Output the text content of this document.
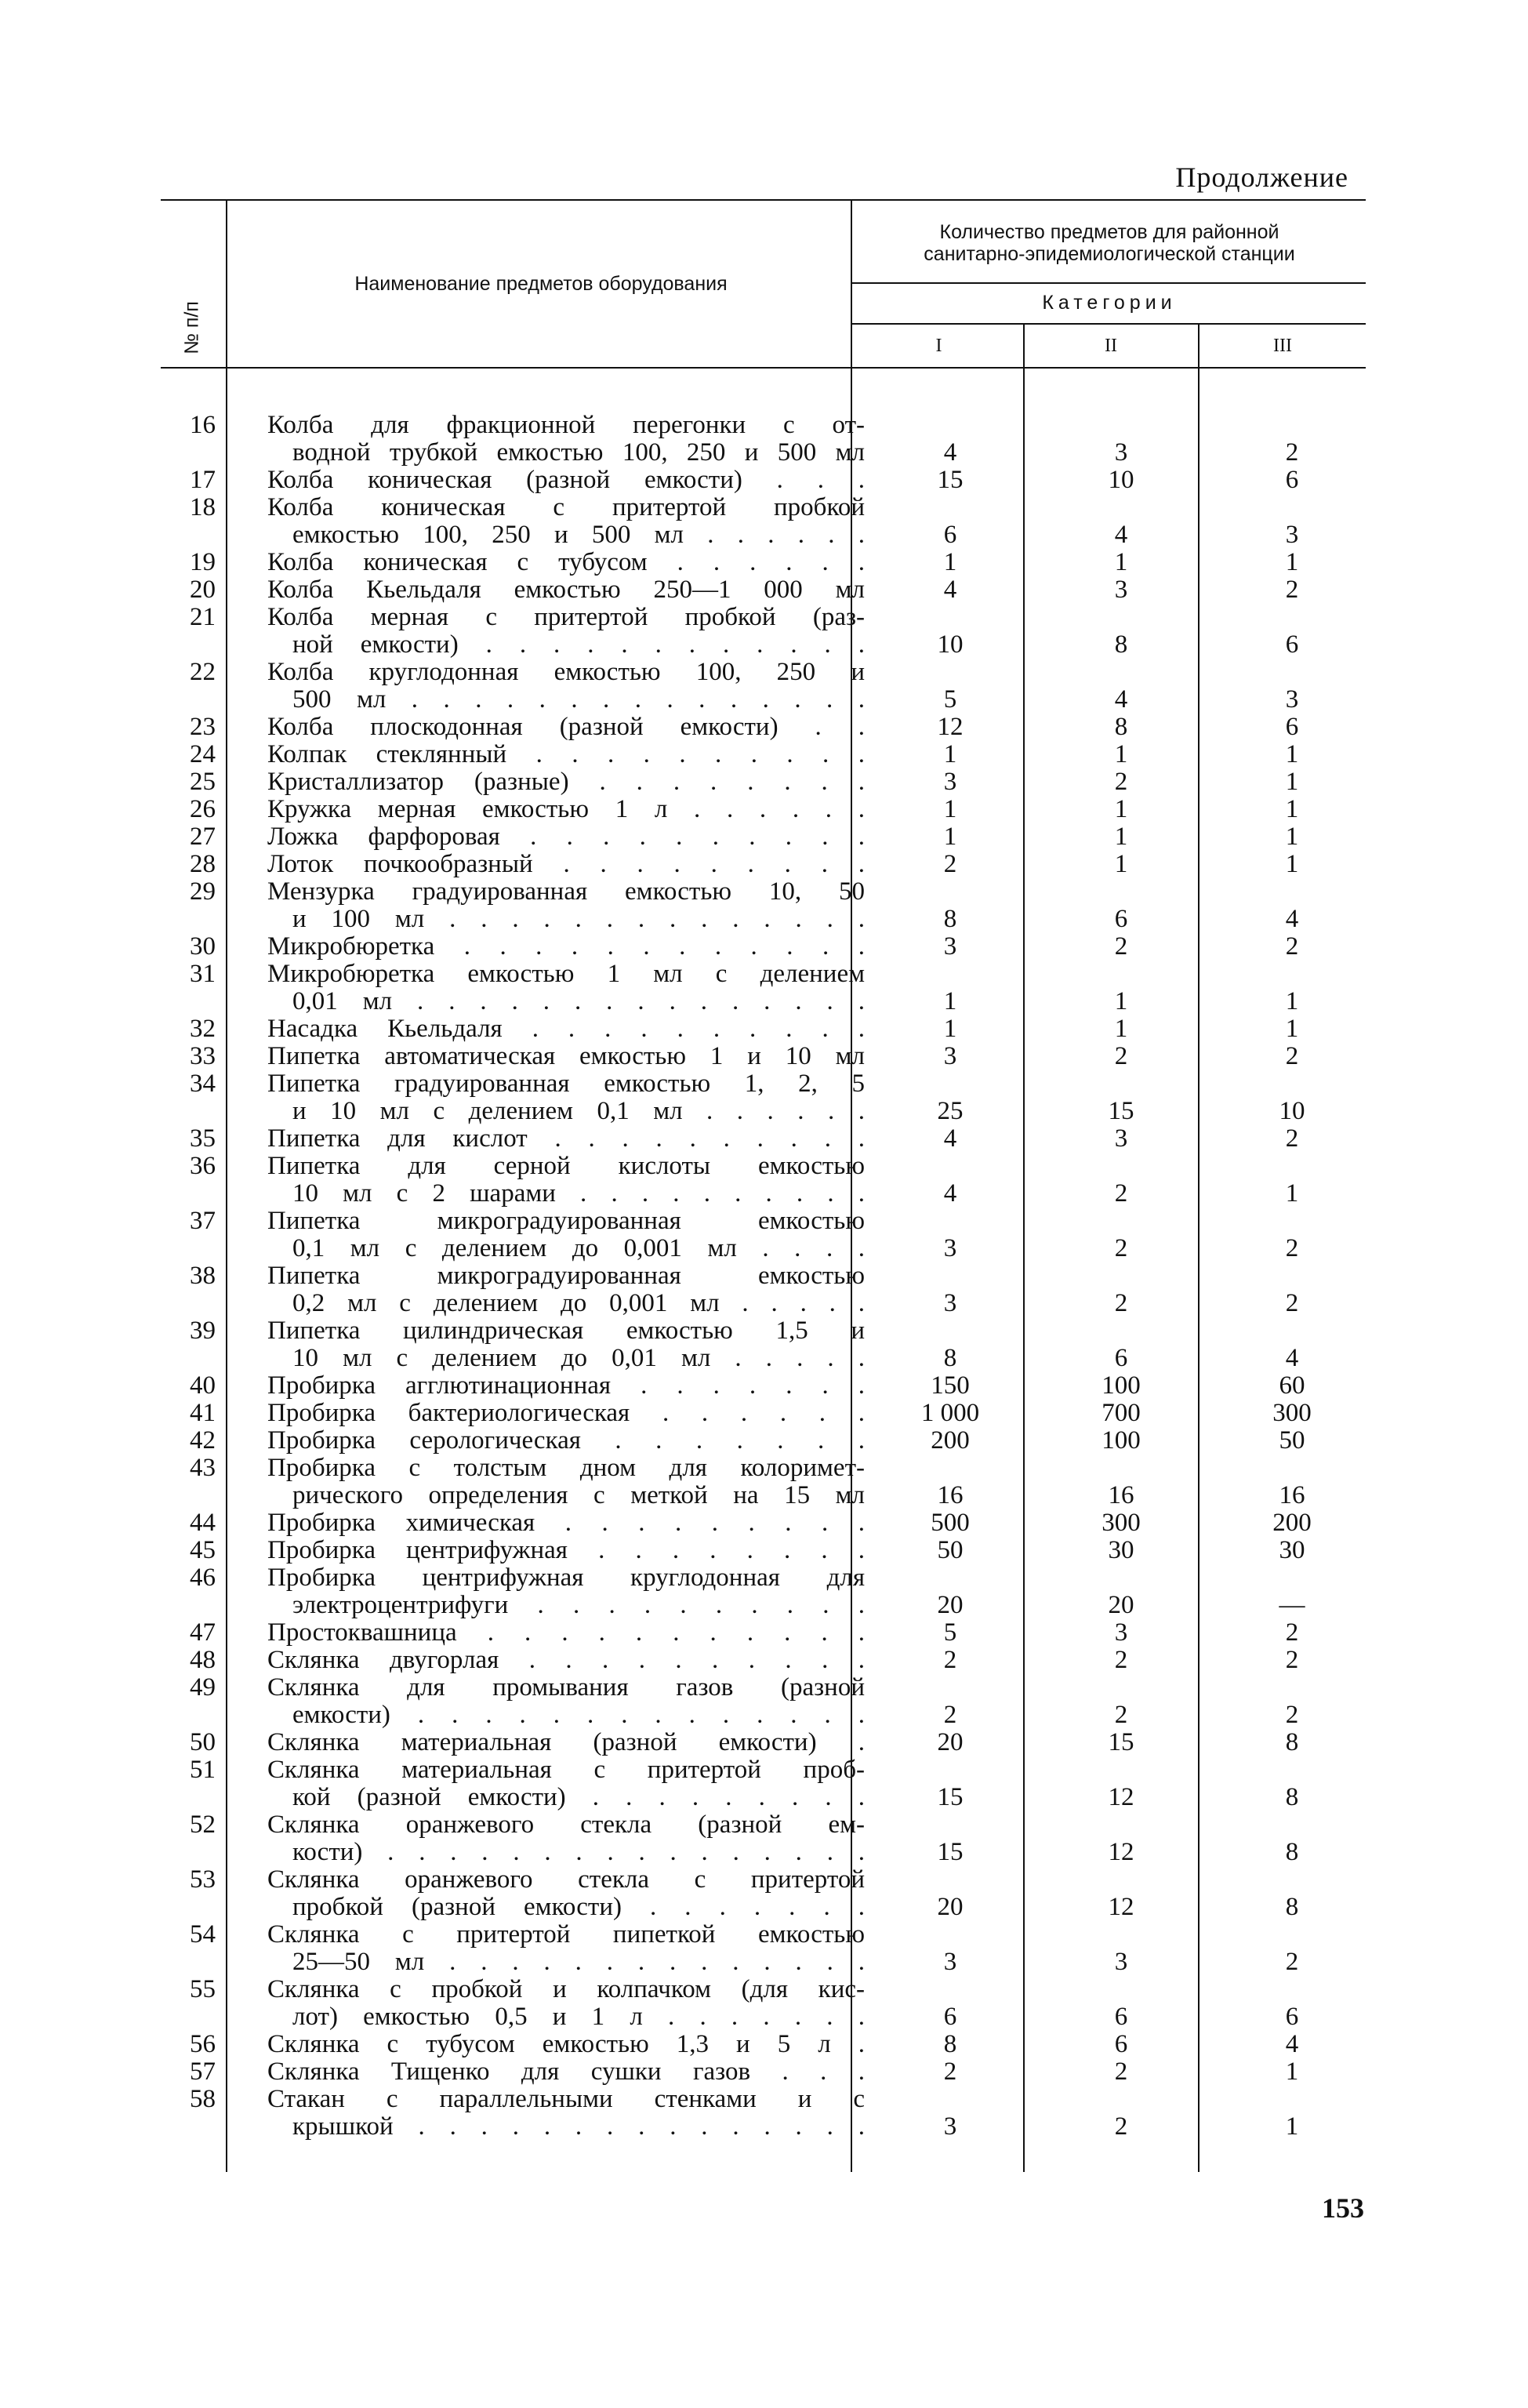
Продолжение
№ п/п
Наименование предметов оборудования
Количество предметов для районной
санитарно-эпидемиологической станции
Категории
I	II	III
16 Колба для фракционной перегонки с от-
водной трубкой емкостью 100, 250 и 500 мл	4	3	2
17 Колба коническая (разной емкости) . . .	15	10	6
18 Колба коническая с притертой пробкой
емкостью 100, 250 и 500 мл . . . . . .	6	4	3
19 Колба коническая с тубусом . . . . . .	1	1	1
20 Колба Кьельдаля емкостью 250—1 000 мл	4	3	2
21 Колба мерная с притертой пробкой (раз-
ной емкости) . . . . . . . . . . . .	10	8	6
22 Колба круглодонная емкостью 100, 250 и
500 мл . . . . . . . . . . . . . . .	5	4	3
23 Колба плоскодонная (разной емкости) . .	12	8	6
24 Колпак стеклянный . . . . . . . . . .	1	1	1
25 Кристаллизатор (разные) . . . . . . . .	3	2	1
26 Кружка мерная емкостью 1 л . . . . . .	1	1	1
27 Ложка фарфоровая . . . . . . . . . .	1	1	1
28 Лоток почкообразный . . . . . . . . .	2	1	1
29 Мензурка градуированная емкостью 10, 50
и 100 мл . . . . . . . . . . . . . .	8	6	4
30 Микробюретка . . . . . . . . . . . .	3	2	2
31 Микробюретка емкостью 1 мл с делением
0,01 мл . . . . . . . . . . . . . . .	1	1	1
32 Насадка Кьельдаля . . . . . . . . . .	1	1	1
33 Пипетка автоматическая емкостью 1 и 10 мл	3	2	2
34 Пипетка градуированная емкостью 1, 2, 5
и 10 мл с делением 0,1 мл . . . . . .	25	15	10
35 Пипетка для кислот . . . . . . . . . .	4	3	2
36 Пипетка для серной кислоты емкостью
10 мл с 2 шарами . . . . . . . . . .	4	2	1
37 Пипетка микроградуированная емкостью
0,1 мл с делением до 0,001 мл . . . .	3	2	2
38 Пипетка микроградуированная емкостью
0,2 мл с делением до 0,001 мл . . . . .	3	2	2
39 Пипетка цилиндрическая емкостью 1,5 и
10 мл с делением до 0,01 мл . . . . .	8	6	4
40 Пробирка агглютинационная . . . . . . .	150	100	60
41 Пробирка бактериологическая . . . . . .	1 000	700	300
42 Пробирка серологическая . . . . . . .	200	100	50
43 Пробирка с толстым дном для колоримет-
рического определения с меткой на 15 мл	16	16	16
44 Пробирка химическая . . . . . . . . .	500	300	200
45 Пробирка центрифужная . . . . . . . .	50	30	30
46 Пробирка центрифужная круглодонная для
электроцентрифуги . . . . . . . . . .	20	20	—
47 Простоквашница . . . . . . . . . . .	5	3	2
48 Склянка двугорлая . . . . . . . . . .	2	2	2
49 Склянка для промывания газов (разной
емкости) . . . . . . . . . . . . . .	2	2	2
50 Склянка материальная (разной емкости) .	20	15	8
51 Склянка материальная с притертой проб-
кой (разной емкости) . . . . . . . . .	15	12	8
52 Склянка оранжевого стекла (разной ем-
кости) . . . . . . . . . . . . . . . .	15	12	8
53 Склянка оранжевого стекла с притертой
пробкой (разной емкости) . . . . . . .	20	12	8
54 Склянка с притертой пипеткой емкостью
25—50 мл . . . . . . . . . . . . . .	3	3	2
55 Склянка с пробкой и колпачком (для кис-
лот) емкостью 0,5 и 1 л . . . . . . .	6	6	6
56 Склянка с тубусом емкостью 1,3 и 5 л .	8	6	4
57 Склянка Тищенко для сушки газов . . .	2	2	1
58 Стакан с параллельными стенками и с
крышкой . . . . . . . . . . . . . . .	3	2	1
153
